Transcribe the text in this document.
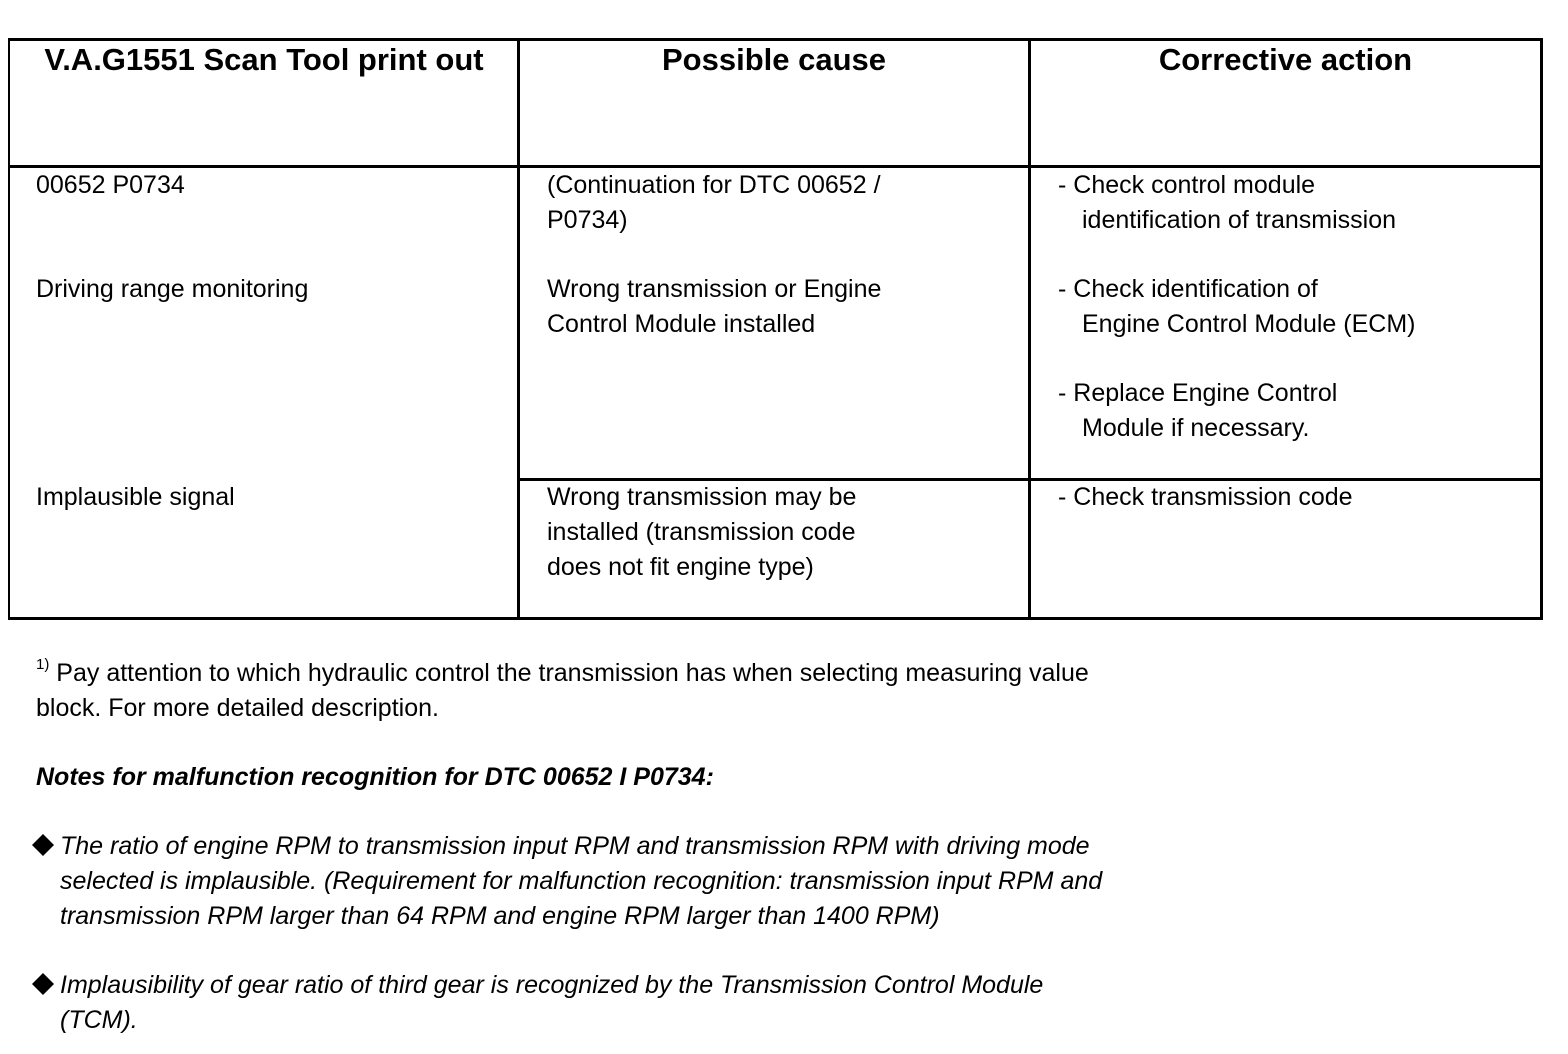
V.A.G1551 Scan Tool print out	Possible cause	Corrective action
00652 P0734
Driving range monitoring
Implausible signal
(Continuation for DTC 00652 /
P0734)
Wrong transmission or Engine
Control Module installed
Wrong transmission may be
installed (transmission code
does not fit engine type)
- Check control module
identification of transmission
- Check identification of
Engine Control Module (ECM)
- Replace Engine Control
Module if necessary.
- Check transmission code
$^{1)}$ Pay attention to which hydraulic control the transmission has when selecting measuring value
block. For more detailed description.
Notes for malfunction recognition for DTC 00652 I P0734:
The ratio of engine RPM to transmission input RPM and transmission RPM with driving mode
selected is implausible. (Requirement for malfunction recognition: transmission input RPM and
transmission RPM larger than 64 RPM and engine RPM larger than 1400 RPM)
Implausibility of gear ratio of third gear is recognized by the Transmission Control Module
(TCM).
